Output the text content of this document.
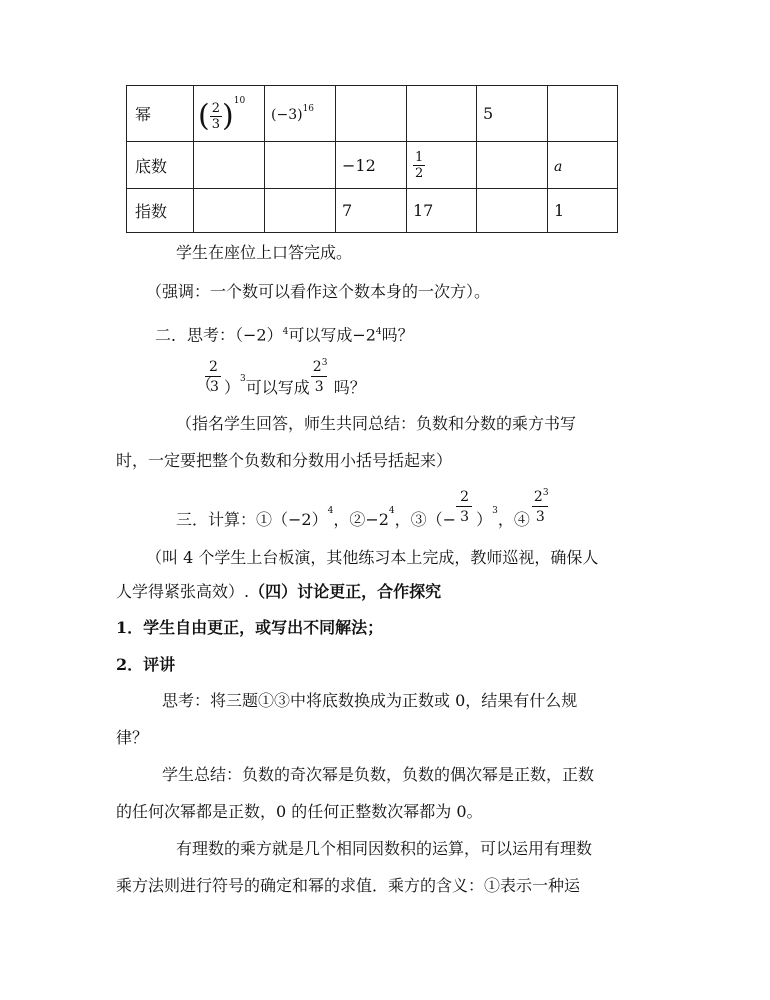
幂	( $\frac{2}{3} )^{10}$	$(-3)^{16}$			5	
底数			−12	$\frac{1}{2}$		a
指数			7	17		1
学生在座位上口答完成。
（强调：一个数可以看作这个数本身的一次方）。
二．思考：$(-2)^4$可以写成$-2^4$吗？
2
（
3 ）$^3$可以写成
2 3
3 吗？
（指名学生回答，师生共同总结：负数和分数的乘方书写
时，一定要把整个负数和分数用小括号括起来）
三．计算：①（−2）4，②−24，③（− $\frac{2}{3} )3$，④
2 3
3
（叫 4 个学生上台板演，其他练习本上完成，教师巡视，确保人
人学得紧张高效）.（四）讨论更正，合作探究
1．学生自由更正，或写出不同解法；
2．评讲
思考：将三题①③中将底数换成为正数或 0，结果有什么规
律？
学生总结：负数的奇次幂是负数，负数的偶次幂是正数，正数
的任何次幂都是正数，0 的任何正整数次幂都为 0。
有理数的乘方就是几个相同因数积的运算，可以运用有理数
乘方法则进行符号的确定和幂的求值．乘方的含义：①表示一种运
